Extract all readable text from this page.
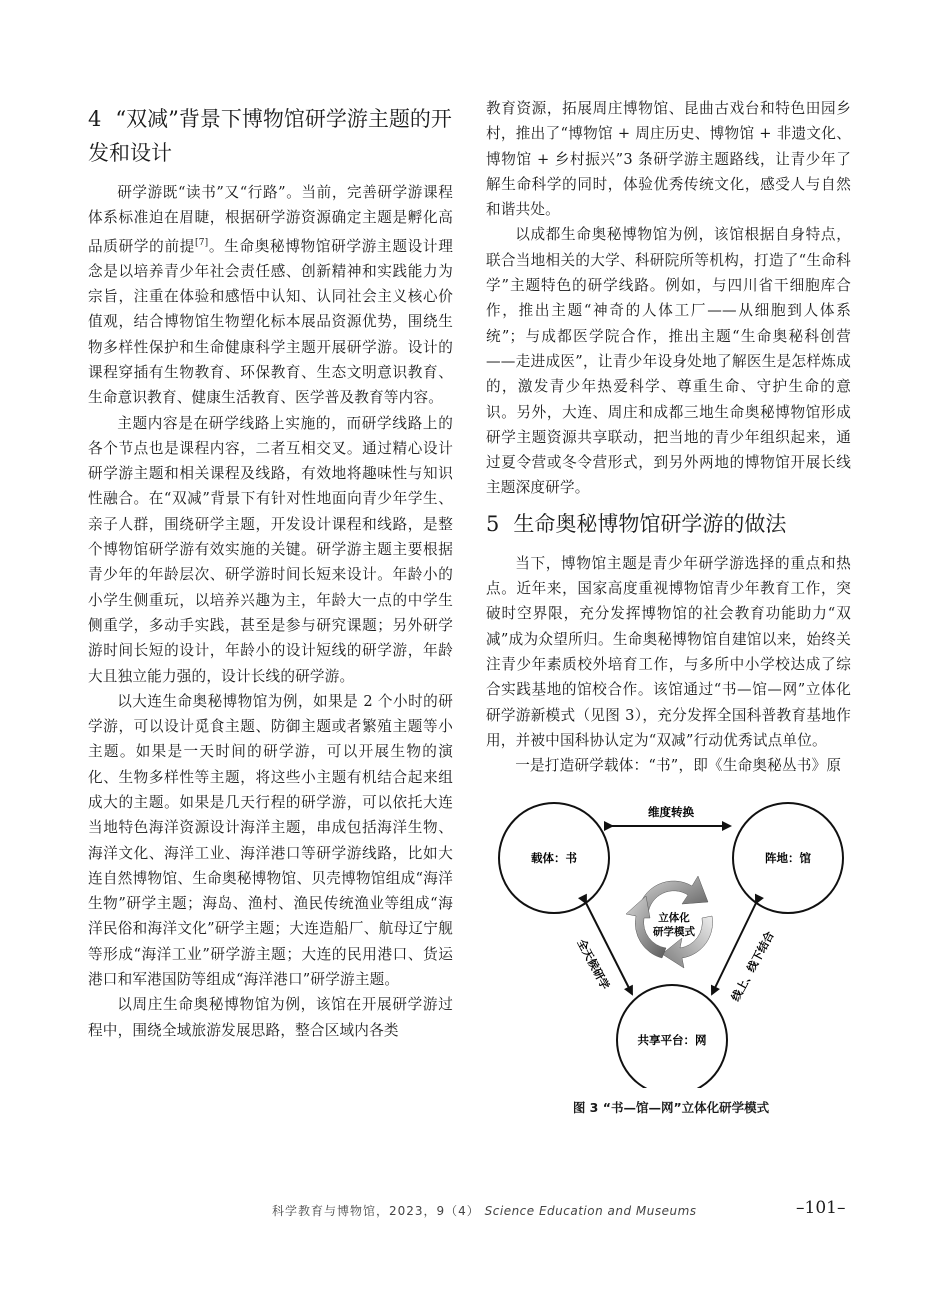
4 “双减”背景下博物馆研学游主题的开发和设计

研学游既“读书”又“行路”。当前，完善研学游课程体系标准迫在眉睫，根据研学游资源确定主题是孵化高品质研学的前提[7]。生命奥秘博物馆研学游主题设计理念是以培养青少年社会责任感、创新精神和实践能力为宗旨，注重在体验和感悟中认知、认同社会主义核心价值观，结合博物馆生物塑化标本展品资源优势，围绕生物多样性保护和生命健康科学主题开展研学游。设计的课程穿插有生物教育、环保教育、生态文明意识教育、生命意识教育、健康生活教育、医学普及教育等内容。

主题内容是在研学线路上实施的，而研学线路上的各个节点也是课程内容，二者互相交叉。通过精心设计研学游主题和相关课程及线路，有效地将趣味性与知识性融合。在“双减”背景下有针对性地面向青少年学生、亲子人群，围绕研学主题，开发设计课程和线路，是整个博物馆研学游有效实施的关键。研学游主题主要根据青少年的年龄层次、研学游时间长短来设计。年龄小的小学生侧重玩，以培养兴趣为主，年龄大一点的中学生侧重学，多动手实践，甚至是参与研究课题；另外研学游时间长短的设计，年龄小的设计短线的研学游，年龄大且独立能力强的，设计长线的研学游。

以大连生命奥秘博物馆为例，如果是 2 个小时的研学游，可以设计觅食主题、防御主题或者繁殖主题等小主题。如果是一天时间的研学游，可以开展生物的演化、生物多样性等主题，将这些小主题有机结合起来组成大的主题。如果是几天行程的研学游，可以依托大连当地特色海洋资源设计海洋主题，串成包括海洋生物、海洋文化、海洋工业、海洋港口等研学游线路，比如大连自然博物馆、生命奥秘博物馆、贝壳博物馆组成“海洋生物”研学主题；海岛、渔村、渔民传统渔业等组成“海洋民俗和海洋文化”研学主题；大连造船厂、航母辽宁舰等形成“海洋工业”研学游主题；大连的民用港口、货运港口和军港国防等组成“海洋港口”研学游主题。

以周庄生命奥秘博物馆为例，该馆在开展研学游过程中，围绕全域旅游发展思路，整合区域内各类

教育资源，拓展周庄博物馆、昆曲古戏台和特色田园乡村，推出了“博物馆 + 周庄历史、博物馆 + 非遗文化、博物馆 + 乡村振兴”3 条研学游主题路线，让青少年了解生命科学的同时，体验优秀传统文化，感受人与自然和谐共处。

以成都生命奥秘博物馆为例，该馆根据自身特点，联合当地相关的大学、科研院所等机构，打造了“生命科学”主题特色的研学线路。例如，与四川省干细胞库合作，推出主题“神奇的人体工厂——从细胞到人体系统”；与成都医学院合作，推出主题“生命奥秘科创营——走进成医”，让青少年设身处地了解医生是怎样炼成的，激发青少年热爱科学、尊重生命、守护生命的意识。另外，大连、周庄和成都三地生命奥秘博物馆形成研学主题资源共享联动，把当地的青少年组织起来，通过夏令营或冬令营形式，到另外两地的博物馆开展长线主题深度研学。

5 生命奥秘博物馆研学游的做法

当下，博物馆主题是青少年研学游选择的重点和热点。近年来，国家高度重视博物馆青少年教育工作，突破时空界限，充分发挥博物馆的社会教育功能助力“双减”成为众望所归。生命奥秘博物馆自建馆以来，始终关注青少年素质校外培育工作，与多所中小学校达成了综合实践基地的馆校合作。该馆通过“书—馆—网”立体化研学游新模式（见图 3），充分发挥全国科普教育基地作用，并被中国科协认定为“双减”行动优秀试点单位。

一是打造研学载体：“书”，即《生命奥秘丛书》原

载体：书	阵地：馆
共享平台：网
维度转换
全天候研学	线上、线下结合
立体化
研学模式
图 3 “书—馆—网”立体化研学模式
科学教育与博物馆，2023，9（4） Science Education and Museums	–101–
